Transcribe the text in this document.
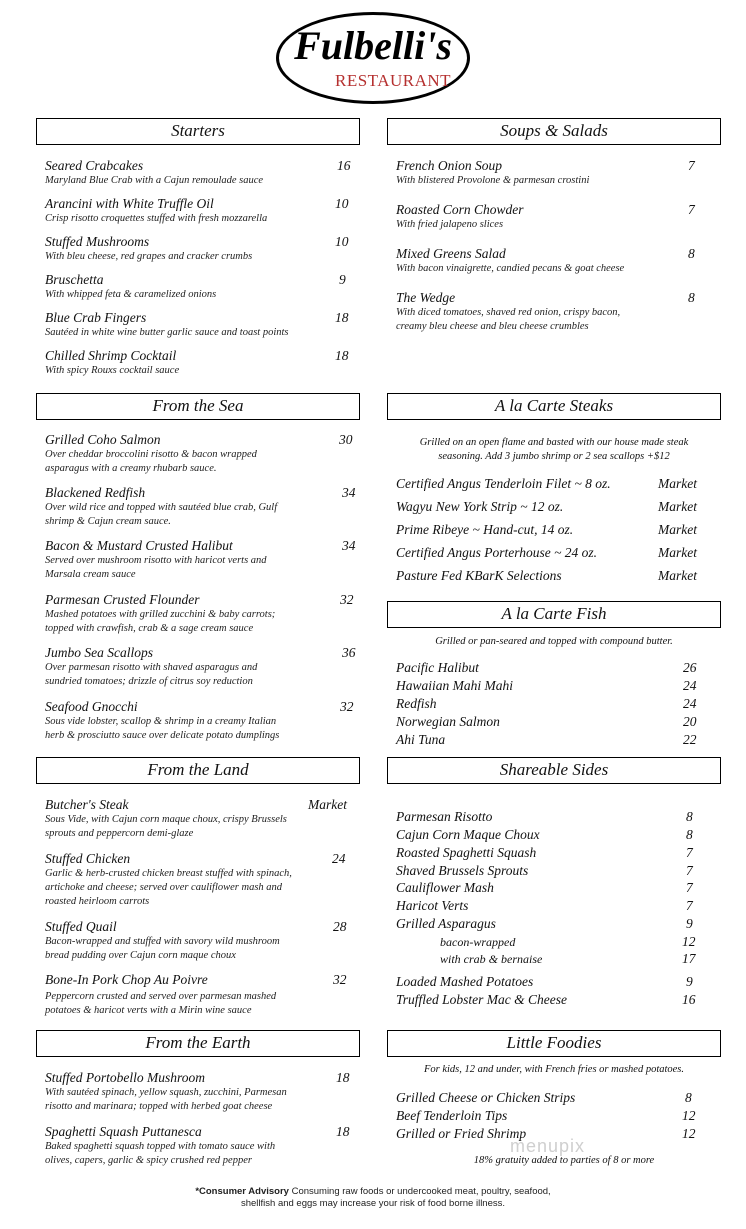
Fulbelli's
RESTAURANT
Starters
Seared Crabcakes	16
Maryland Blue Crab with a Cajun remoulade sauce
Arancini with White Truffle Oil	10
Crisp risotto croquettes stuffed with fresh mozzarella
Stuffed Mushrooms	10
With bleu cheese, red grapes and cracker crumbs
Bruschetta	9
With whipped feta & caramelized onions
Blue Crab Fingers	18
Sautéed in white wine butter garlic sauce and toast points
Chilled Shrimp Cocktail	18
With spicy Rouxs cocktail sauce
From the Sea
Grilled Coho Salmon	30
Over cheddar broccolini risotto & bacon wrapped
asparagus with a creamy rhubarb sauce.
Blackened Redfish	34
Over wild rice and topped with sautéed blue crab, Gulf
shrimp & Cajun cream sauce.
Bacon & Mustard Crusted Halibut	34
Served over mushroom risotto with haricot verts and
Marsala cream sauce
Parmesan Crusted Flounder	32
Mashed potatoes with grilled zucchini & baby carrots;
topped with crawfish, crab & a sage cream sauce
Jumbo Sea Scallops	36
Over parmesan risotto with shaved asparagus and
sundried tomatoes; drizzle of citrus soy reduction
Seafood Gnocchi	32
Sous vide lobster, scallop & shrimp in a creamy Italian
herb & prosciutto sauce over delicate potato dumplings
From the Land
Butcher's Steak	Market
Sous Vide, with Cajun corn maque choux, crispy Brussels
sprouts and peppercorn demi-glaze
Stuffed Chicken	24
Garlic & herb-crusted chicken breast stuffed with spinach,
artichoke and cheese; served over cauliflower mash and
roasted heirloom carrots
Stuffed Quail	28
Bacon-wrapped and stuffed with savory wild mushroom
bread pudding over Cajun corn maque choux
Bone-In Pork Chop Au Poivre	32
Peppercorn crusted and served over parmesan mashed
potatoes & haricot verts with a Mirin wine sauce
From the Earth
Stuffed Portobello Mushroom	18
With sautéed spinach, yellow squash, zucchini, Parmesan
risotto and marinara; topped with herbed goat cheese
Spaghetti Squash Puttanesca	18
Baked spaghetti squash topped with tomato sauce with
olives, capers, garlic & spicy crushed red pepper
Soups & Salads
French Onion Soup	7
With blistered Provolone & parmesan crostini
Roasted Corn Chowder	7
With fried jalapeno slices
Mixed Greens Salad	8
With bacon vinaigrette, candied pecans & goat cheese
The Wedge	8
With diced tomatoes, shaved red onion, crispy bacon,
creamy bleu cheese and bleu cheese crumbles
A la Carte Steaks
Grilled on an open flame and basted with our house made steak
seasoning. Add 3 jumbo shrimp or 2 sea scallops +$12
Certified Angus Tenderloin Filet ~ 8 oz.	Market
Wagyu New York Strip ~ 12 oz.	Market
Prime Ribeye ~ Hand-cut, 14 oz.	Market
Certified Angus Porterhouse ~ 24 oz.	Market
Pasture Fed KBarK Selections	Market
A la Carte Fish
Grilled or pan-seared and topped with compound butter.
Pacific Halibut	26
Hawaiian Mahi Mahi	24
Redfish	24
Norwegian Salmon	20
Ahi Tuna	22
Shareable Sides
Parmesan Risotto	8
Cajun Corn Maque Choux	8
Roasted Spaghetti Squash	7
Shaved Brussels Sprouts	7
Cauliflower Mash	7
Haricot Verts	7
Grilled Asparagus	9
bacon-wrapped	12
with crab & bernaise	17
Loaded Mashed Potatoes	9
Truffled Lobster Mac & Cheese	16
Little Foodies
For kids, 12 and under, with French fries or mashed potatoes.
Grilled Cheese or Chicken Strips	8
Beef Tenderloin Tips	12
Grilled or Fried Shrimp	12
18% gratuity added to parties of 8 or more
menupix
*Consumer Advisory Consuming raw foods or undercooked meat, poultry, seafood,
shellfish and eggs may increase your risk of food borne illness.
